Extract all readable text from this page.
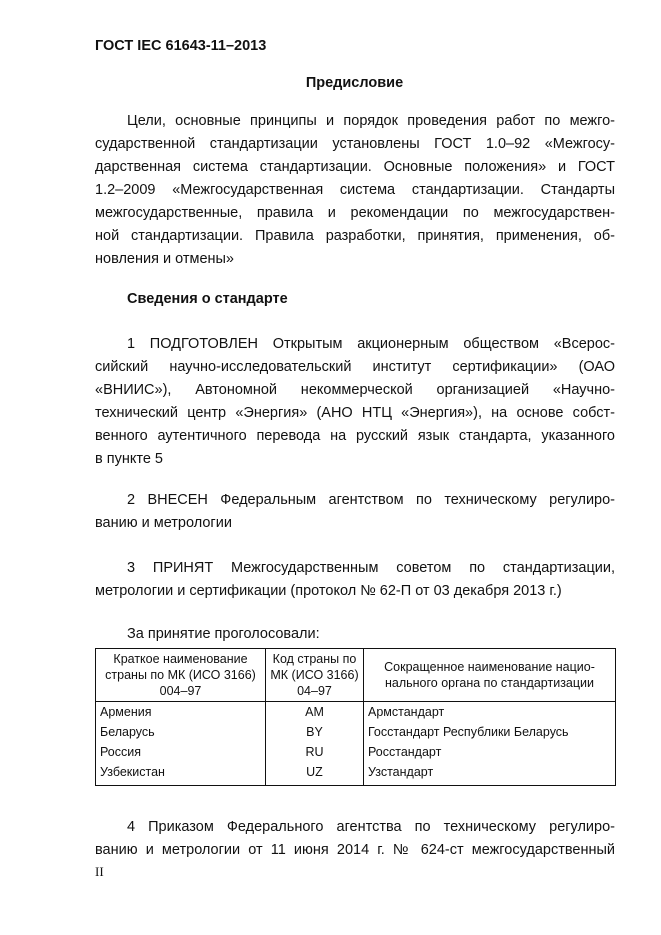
ГОСТ IEC 61643-11–2013
Предисловие
Цели, основные принципы и порядок проведения работ по межго-
сударственной стандартизации установлены ГОСТ 1.0–92 «Межгосу-
дарственная система стандартизации. Основные положения» и ГОСТ
1.2–2009 «Межгосударственная система стандартизации. Стандарты
межгосударственные, правила и рекомендации по межгосударствен-
ной стандартизации. Правила разработки, принятия, применения, об-
новления и отмены»
Сведения о стандарте
1 ПОДГОТОВЛЕН Открытым акционерным обществом «Всерос-
сийский научно-исследовательский институт сертификации» (ОАО
«ВНИИС»), Автономной некоммерческой организацией «Научно-
технический центр «Энергия» (АНО НТЦ «Энергия»), на основе собст-
венного аутентичного перевода на русский язык стандарта, указанного
в пункте 5
2 ВНЕСЕН Федеральным агентством по техническому регулиро-
ванию и метрологии
3 ПРИНЯТ Межгосударственным советом по стандартизации,
метрологии и сертификации (протокол № 62-П от 03 декабря 2013 г.)
За принятие проголосовали:
Краткое наименование страны по МК (ИСО 3166) 004–97	Код страны по МК (ИСО 3166) 04–97	Сокращенное наименование нацио- нального органа по стандартизации
Армения	AM	Армстандарт
Беларусь	BY	Госстандарт Республики Беларусь
Россия	RU	Росстандарт
Узбекистан	UZ	Узстандарт
4 Приказом Федерального агентства по техническому регулиро-
ванию и метрологии от 11 июня 2014 г. № 624-ст межгосударственный
II
